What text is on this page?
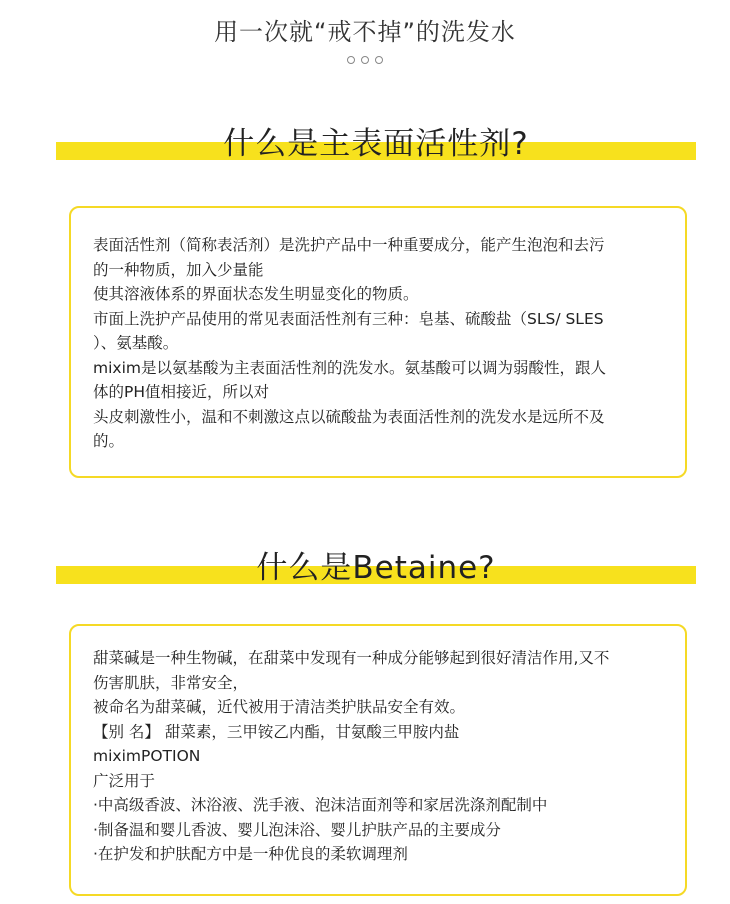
用一次就“戒不掉”的洗发水
什么是主表面活性剂?

表面活性剂（简称表活剂）是洗护产品中一种重要成分，能产生泡泡和去污

的一种物质，加入少量能

使其溶液体系的界面状态发生明显变化的物质。

市面上洗护产品使用的常见表面活性剂有三种：皂基、硫酸盐（SLS/ SLES

）、氨基酸。

mixim是以氨基酸为主表面活性剂的洗发水。氨基酸可以调为弱酸性，跟人

体的PH值相接近，所以对

头皮刺激性小，温和不刺激这点以硫酸盐为表面活性剂的洗发水是远所不及

的。

什么是Betaine?

甜菜碱是一种生物碱，在甜菜中发现有一种成分能够起到很好清洁作用,又不

伤害肌肤，非常安全，

被命名为甜菜碱，近代被用于清洁类护肤品安全有效。

【别 名】 甜菜素，三甲铵乙内酯，甘氨酸三甲胺内盐

miximPOTION

广泛用于

·中高级香波、沐浴液、洗手液、泡沫洁面剂等和家居洗涤剂配制中

·制备温和婴儿香波、婴儿泡沫浴、婴儿护肤产品的主要成分

·在护发和护肤配方中是一种优良的柔软调理剂
